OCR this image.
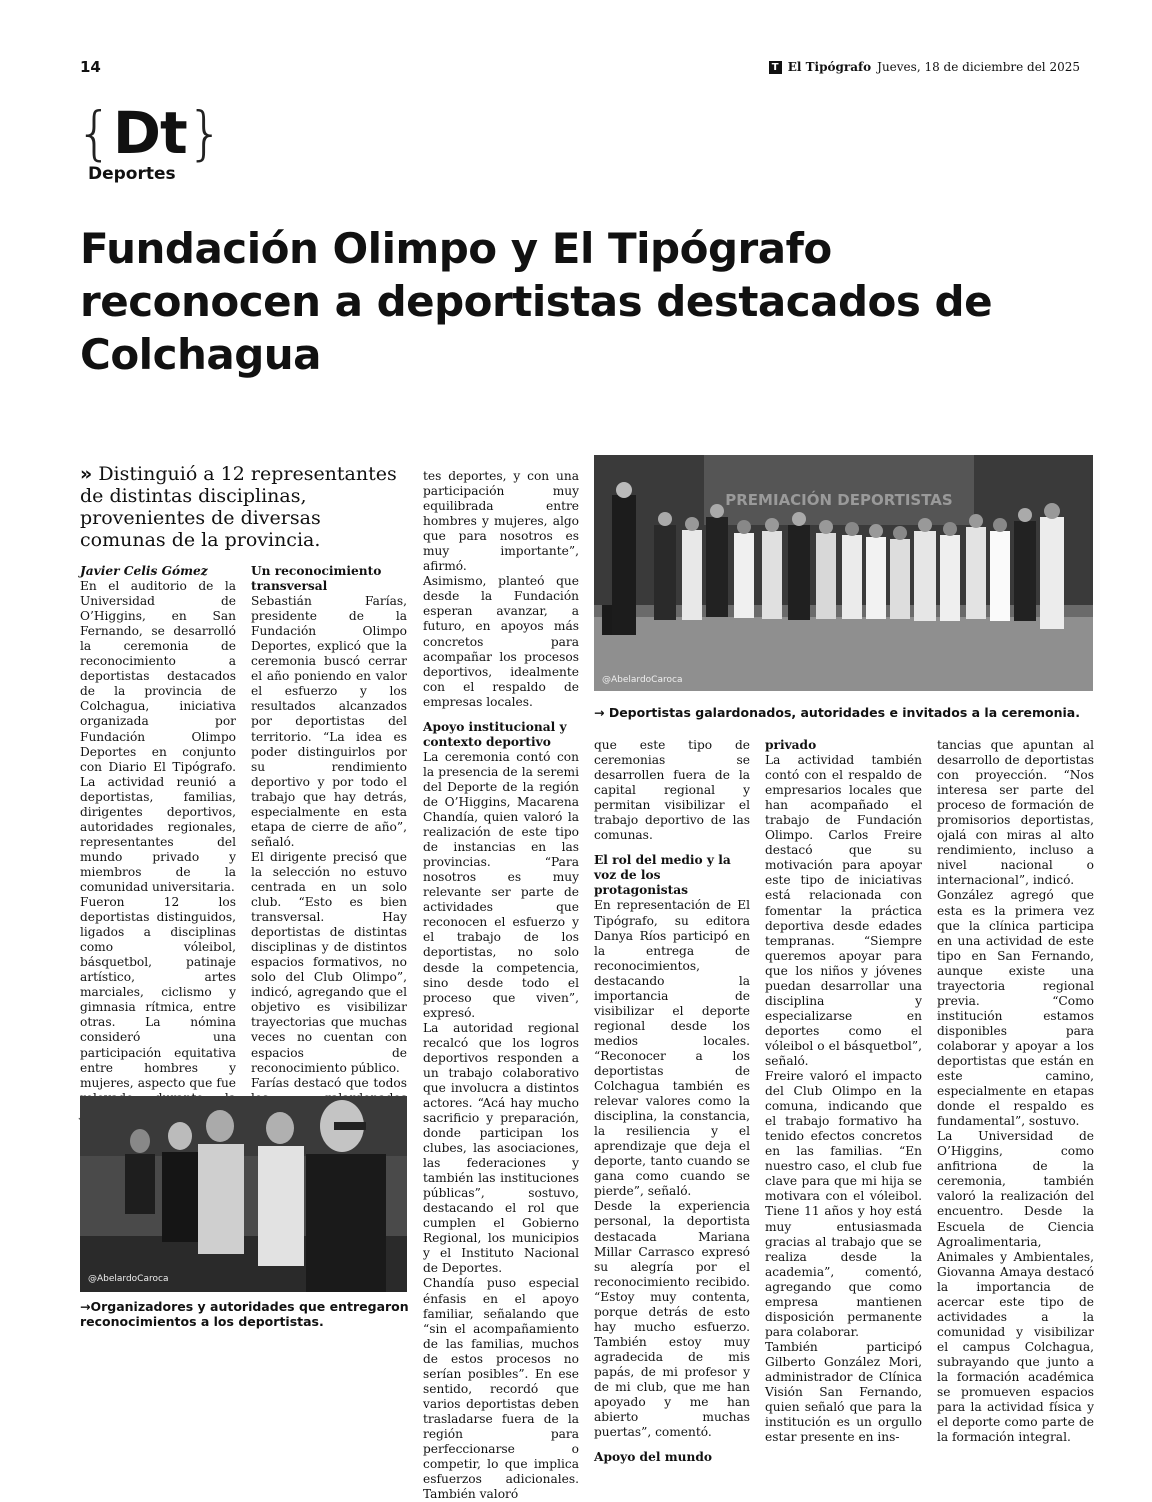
14	T El Tipógrafo Jueves, 18 de diciembre del 2025
{Dt}
Deportes
Fundación Olimpo y El Tipógrafo reconocen a deportistas destacados de Colchagua
» Distinguió a 12 representantes de distintas disciplinas, provenientes de diversas comunas de la provincia.

Javier Celis Gómez

En el auditorio de la Universidad de O’Higgins, en San Fernando, se desarrolló la ceremonia de reconocimiento a deportistas destacados de la provincia de Colchagua, iniciativa organizada por Fundación Olimpo Deportes en conjunto con Diario El Tipógrafo. La actividad reunió a deportistas, familias, dirigentes deportivos, autoridades regionales, representantes del mundo privado y miembros de la comunidad universitaria.

Fueron 12 los deportistas distinguidos, ligados a disciplinas como vóleibol, básquetbol, patinaje artístico, artes marciales, ciclismo y gimnasia rítmica, entre otras. La nómina consideró una participación equitativa entre hombres y mujeres, aspecto que fue

Un reconocimiento transversal

Sebastián Farías, presidente de la Fundación Olimpo Deportes, explicó que la ceremonia buscó cerrar el año poniendo en valor el esfuerzo y los resultados alcanzados por deportistas del territorio. “La idea es poder distinguirlos por su rendimiento deportivo y por todo el trabajo que hay detrás, especialmente en esta etapa de cierre de año”, señaló.

El dirigente precisó que la selección no estuvo centrada en un solo club. “Esto es bien transversal. Hay deportistas de distintas disciplinas y de distintos espacios formativos, no solo del Club Olimpo”, indicó, agregando que el objetivo es visibilizar trayectorias que muchas veces no cuentan con espacios de reconocimiento público.

Farías destacó que todos

tes deportes, y con una participación muy equilibrada entre hombres y mujeres, algo que para nosotros es muy importante”, afirmó.

Asimismo, planteó que desde la Fundación esperan avanzar, a futuro, en apoyos más concretos para acompañar los procesos deportivos, idealmente con el respaldo de empresas locales.

Apoyo institucional y contexto deportivo

La ceremonia contó con la presencia de la seremi del Deporte de la región de O’Higgins, Macarena Chandía, quien valoró la realización de este tipo de instancias en las provincias. “Para nosotros es muy relevante ser parte de actividades que reconocen el esfuerzo y el trabajo de los deportistas, no solo desde la competencia, sino desde todo el proceso que viven”, expresó.

La autoridad regional recalcó que los logros deportivos responden a un trabajo colaborativo que involucra a distintos actores. “Acá hay mucho sacrificio y preparación, donde participan los clubes, las asociaciones, las federaciones y también las instituciones públicas”, sostuvo, destacando el rol que cumplen el Gobierno Regional, los municipios y el Instituto Nacional de Deportes.

Chandía puso especial énfasis en el apoyo familiar, señalando que “sin el acompañamiento de las familias, muchos de estos procesos no serían posibles”. En ese sentido, recordó que varios deportistas deben trasladarse fuera de la región para perfeccionarse o competir, lo que implica esfuerzos adicionales. También valoró

PREMIACIÓN DEPORTISTAS
@AbelardoCaroca
→ Deportistas galardonados, autoridades e invitados a la ceremonia.

que este tipo de ceremonias se desarrollen fuera de la capital regional y permitan visibilizar el trabajo deportivo de las comunas.

El rol del medio y la voz de los protagonistas

En representación de El Tipógrafo, su editora Danya Ríos participó en la entrega de reconocimientos, destacando la importancia de visibilizar el deporte regional desde los medios locales. “Reconocer a los deportistas de Colchagua también es relevar valores como la disciplina, la constancia, la resiliencia y el aprendizaje que deja el deporte, tanto cuando se gana como cuando se pierde”, señaló.

Desde la experiencia personal, la deportista destacada Mariana Millar Carrasco expresó su alegría por el reconocimiento recibido. “Estoy muy contenta, porque detrás de esto hay mucho esfuerzo. También estoy muy agradecida de mis papás, de mi profesor y de mi club, que me han apoyado y me han abierto muchas puertas”, comentó.

Apoyo del mundo

privado

La actividad también contó con el respaldo de empresarios locales que han acompañado el trabajo de Fundación Olimpo. Carlos Freire destacó que su motivación para apoyar este tipo de iniciativas está relacionada con fomentar la práctica deportiva desde edades tempranas. “Siempre queremos apoyar para que los niños y jóvenes puedan desarrollar una disciplina y especializarse en deportes como el vóleibol o el básquetbol”, señaló.

Freire valoró el impacto del Club Olimpo en la comuna, indicando que el trabajo formativo ha tenido efectos concretos en las familias. “En nuestro caso, el club fue clave para que mi hija se motivara con el vóleibol. Tiene 11 años y hoy está muy entusiasmada gracias al trabajo que se realiza desde la academia”, comentó, agregando que como empresa mantienen disposición permanente para colaborar.

También participó Gilberto González Mori, administrador de Clínica Visión San Fernando, quien señaló que para la institución es un orgullo estar presente en ins-

tancias que apuntan al desarrollo de deportistas con proyección. “Nos interesa ser parte del proceso de formación de promisorios deportistas, ojalá con miras al alto rendimiento, incluso a nivel nacional o internacional”, indicó.

González agregó que esta es la primera vez que la clínica participa en una actividad de este tipo en San Fernando, aunque existe una trayectoria regional previa. “Como institución estamos disponibles para colaborar y apoyar a los deportistas que están en este camino, especialmente en etapas donde el respaldo es fundamental”, sostuvo.

La Universidad de O’Higgins, como anfitriona de la ceremonia, también valoró la realización del encuentro. Desde la Escuela de Ciencia Agroalimentaria, Animales y Ambientales, Giovanna Amaya destacó la importancia de acercar este tipo de actividades a la comunidad y visibilizar el campus Colchagua, subrayando que junto a la formación académica se promueven espacios para la actividad física y el deporte como parte de la formación integral.

@AbelardoCaroca
→Organizadores y autoridades que entregaron reconocimientos a los deportistas.
